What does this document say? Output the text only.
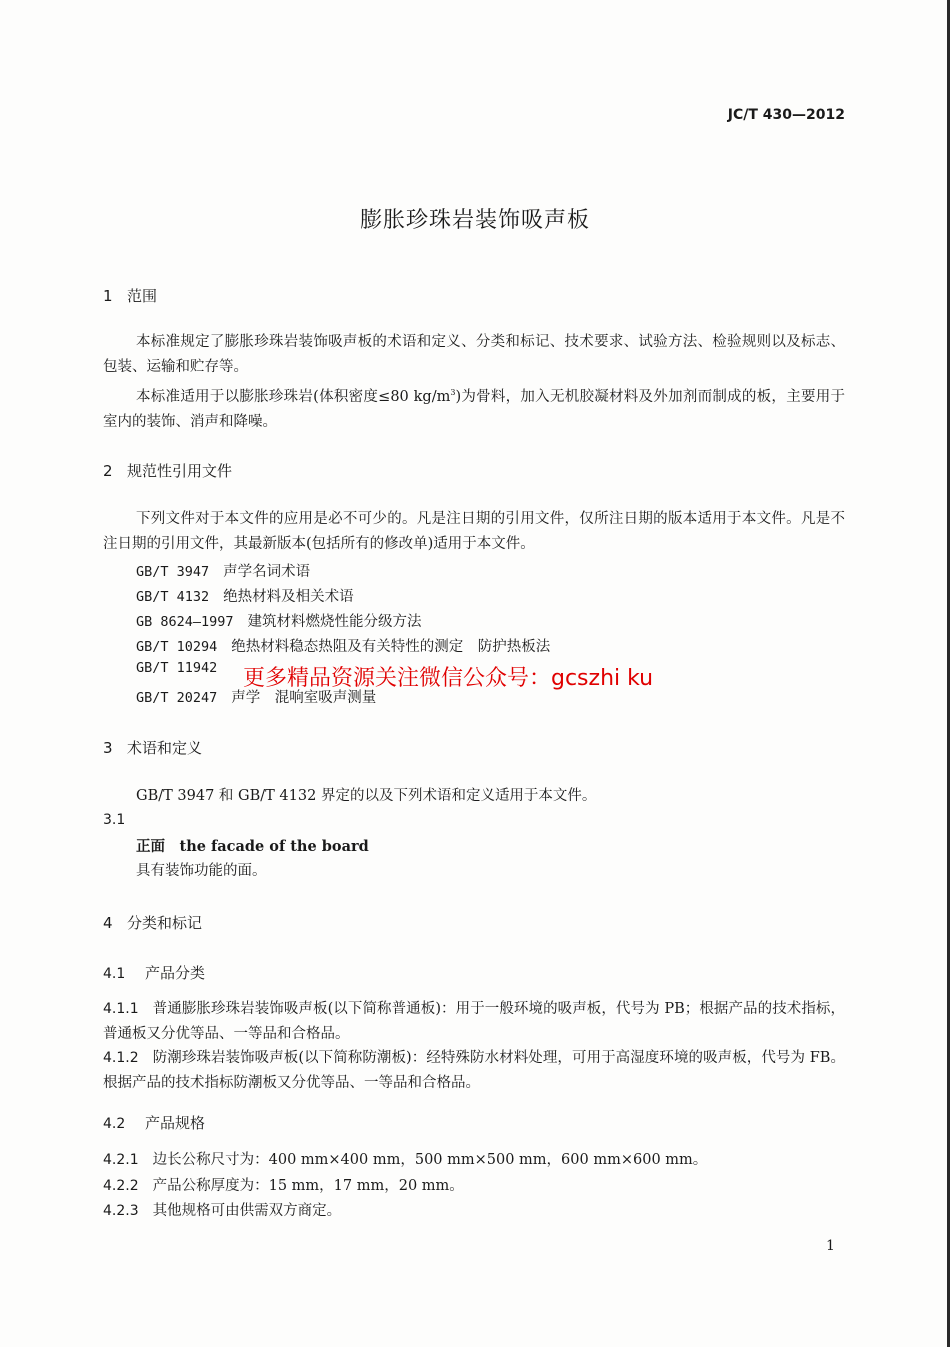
JC/T 430—2012
膨胀珍珠岩装饰吸声板
1 范围
本标准规定了膨胀珍珠岩装饰吸声板的术语和定义、分类和标记、技术要求、试验方法、检验规则以及标志、包装、运输和贮存等。
本标准适用于以膨胀珍珠岩(体积密度≤80 $kg/m^3$)为骨料，加入无机胶凝材料及外加剂而制成的板，主要用于室内的装饰、消声和降噪。
2 规范性引用文件
下列文件对于本文件的应用是必不可少的。凡是注日期的引用文件，仅所注日期的版本适用于本文件。凡是不注日期的引用文件，其最新版本(包括所有的修改单)适用于本文件。
GB/T 3947 声学名词术语
GB/T 4132 绝热材料及相关术语
GB 8624—1997 建筑材料燃烧性能分级方法
GB/T 10294 绝热材料稳态热阻及有关特性的测定　防护热板法
GB/T 11942
GB/T 20247 声学　混响室吸声测量
更多精品资源关注微信公众号：gcszhi ku
3 术语和定义
GB/T 3947 和 GB/T 4132 界定的以及下列术语和定义适用于本文件。
3.1
正面　the facade of the board
具有装饰功能的面。
4 分类和标记
4.1 产品分类
4.1.1 普通膨胀珍珠岩装饰吸声板(以下简称普通板)：用于一般环境的吸声板，代号为 PB；根据产品的技术指标，普通板又分优等品、一等品和合格品。
4.1.2 防潮珍珠岩装饰吸声板(以下简称防潮板)：经特殊防水材料处理，可用于高湿度环境的吸声板，代号为 FB。根据产品的技术指标防潮板又分优等品、一等品和合格品。
4.2 产品规格
4.2.1 边长公称尺寸为：400 mm×400 mm，500 mm×500 mm，600 mm×600 mm。
4.2.2 产品公称厚度为：15 mm，17 mm，20 mm。
4.2.3 其他规格可由供需双方商定。
1
